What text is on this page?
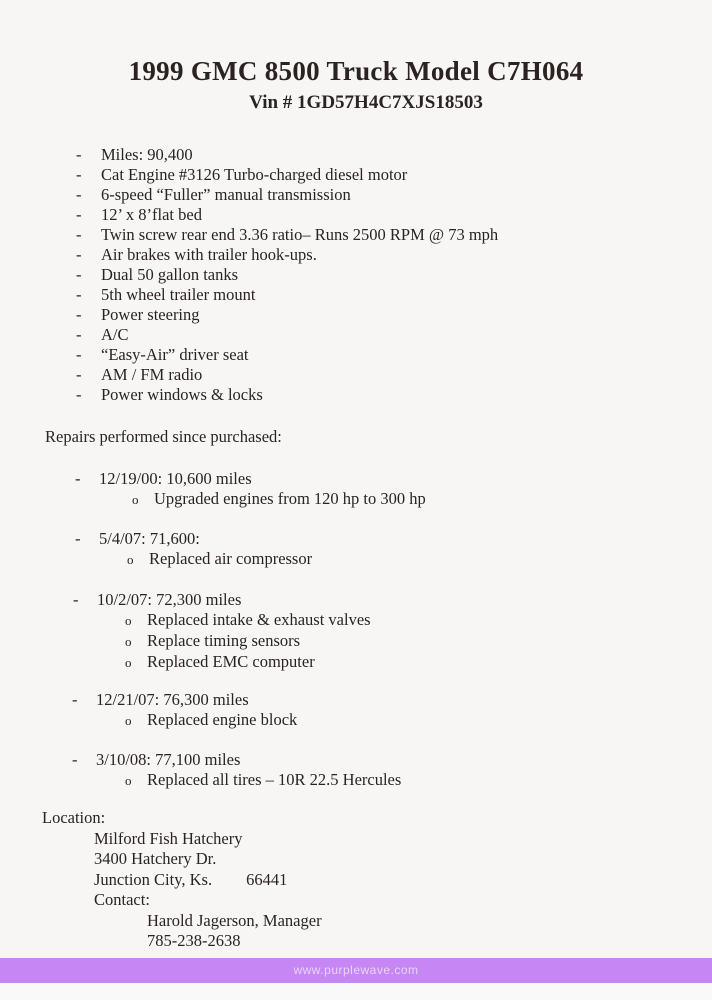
1999 GMC 8500 Truck Model C7H064
Vin # 1GD57H4C7XJS18503
- Miles: 90,400
- Cat Engine #3126 Turbo-charged diesel motor
- 6-speed “Fuller” manual transmission
- 12’ x 8’flat bed
- Twin screw rear end 3.36 ratio– Runs 2500 RPM @ 73 mph
- Air brakes with trailer hook-ups.
- Dual 50 gallon tanks
- 5th wheel trailer mount
- Power steering
- A/C
- “Easy-Air” driver seat
- AM / FM radio
- Power windows & locks
Repairs performed since purchased:
- 12/19/00: 10,600 miles
o Upgraded engines from 120 hp to 300 hp
- 5/4/07: 71,600:
o Replaced air compressor
- 10/2/07: 72,300 miles
o Replaced intake & exhaust valves
o Replace timing sensors
o Replaced EMC computer
- 12/21/07: 76,300 miles
o Replaced engine block
- 3/10/08: 77,100 miles
o Replaced all tires – 10R 22.5 Hercules
Location:
Milford Fish Hatchery
3400 Hatchery Dr.
Junction City, Ks. 66441
Contact:
Harold Jagerson, Manager
785-238-2638
www.purplewave.com
